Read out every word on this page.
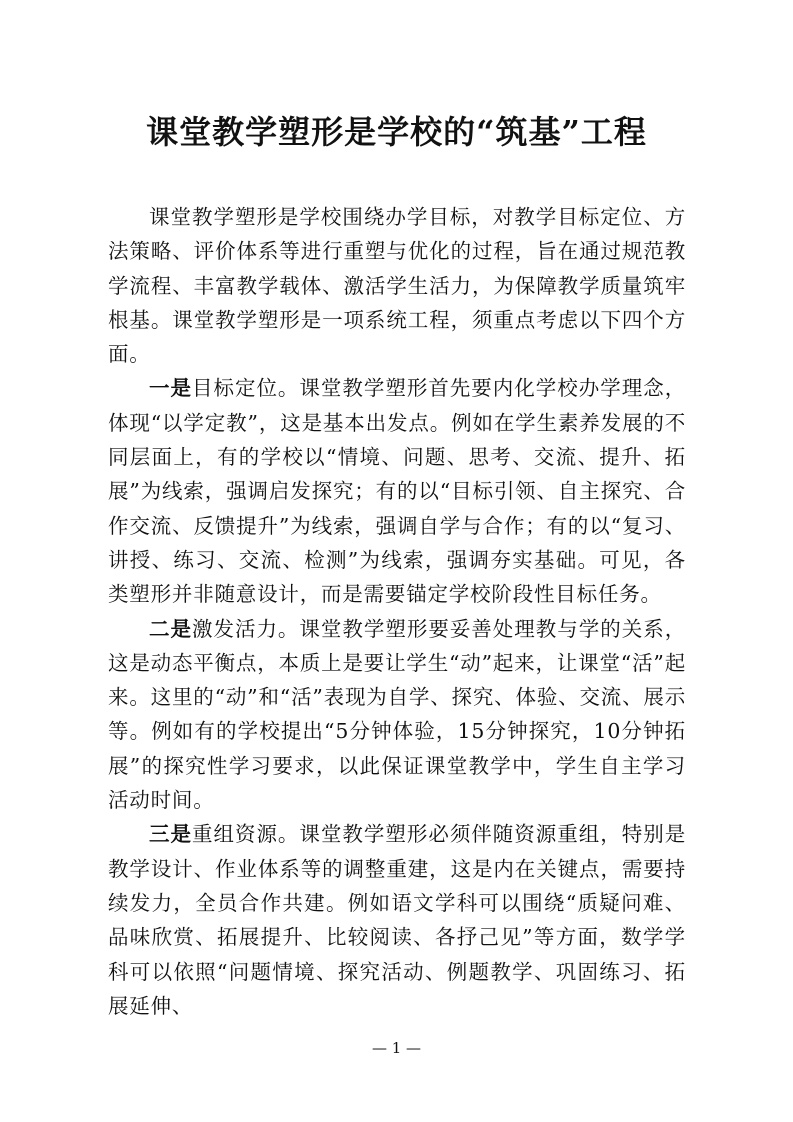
课堂教学塑形是学校的“筑基”工程

课堂教学塑形是学校围绕办学目标，对教学目标定位、方法策略、评价体系等进行重塑与优化的过程，旨在通过规范教学流程、丰富教学载体、激活学生活力，为保障教学质量筑牢根基。课堂教学塑形是一项系统工程，须重点考虑以下四个方面。

一是目标定位。课堂教学塑形首先要内化学校办学理念，体现“以学定教”，这是基本出发点。例如在学生素养发展的不同层面上，有的学校以“情境、问题、思考、交流、提升、拓展”为线索，强调启发探究；有的以“目标引领、自主探究、合作交流、反馈提升”为线索，强调自学与合作；有的以“复习、讲授、练习、交流、检测”为线索，强调夯实基础。可见，各类塑形并非随意设计，而是需要锚定学校阶段性目标任务。

二是激发活力。课堂教学塑形要妥善处理教与学的关系，这是动态平衡点，本质上是要让学生“动”起来，让课堂“活”起来。这里的“动”和“活”表现为自学、探究、体验、交流、展示等。例如有的学校提出“5分钟体验，15分钟探究，10分钟拓展”的探究性学习要求，以此保证课堂教学中，学生自主学习活动时间。

三是重组资源。课堂教学塑形必须伴随资源重组，特别是教学设计、作业体系等的调整重建，这是内在关键点，需要持续发力，全员合作共建。例如语文学科可以围绕“质疑问难、品味欣赏、拓展提升、比较阅读、各抒己见”等方面，数学学科可以依照“问题情境、探究活动、例题教学、巩固练习、拓展延伸、

— 1 —
